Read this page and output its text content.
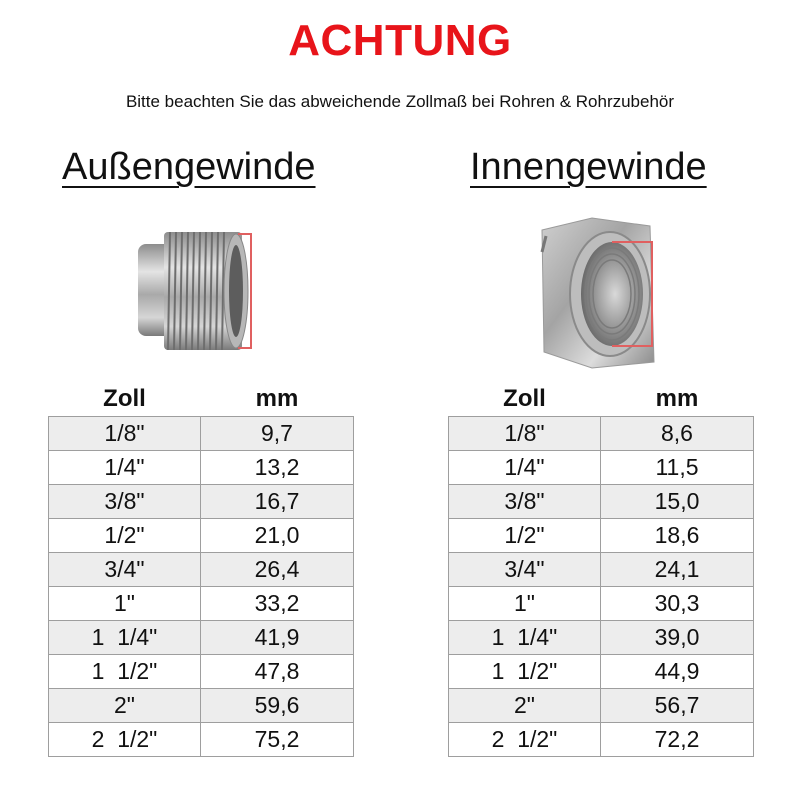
ACHTUNG
Bitte beachten Sie das abweichende Zollmaß bei Rohren & Rohrzubehör
Außengewinde	Innengewinde
Zoll	mm
1/8"	9,7
1/4"	13,2
3/8"	16,7
1/2"	21,0
3/4"	26,4
1"	33,2
1  1/4"	41,9
1  1/2"	47,8
2"	59,6
2  1/2"	75,2
Zoll	mm
1/8"	8,6
1/4"	11,5
3/8"	15,0
1/2"	18,6
3/4"	24,1
1"	30,3
1  1/4"	39,0
1  1/2"	44,9
2"	56,7
2  1/2"	72,2
